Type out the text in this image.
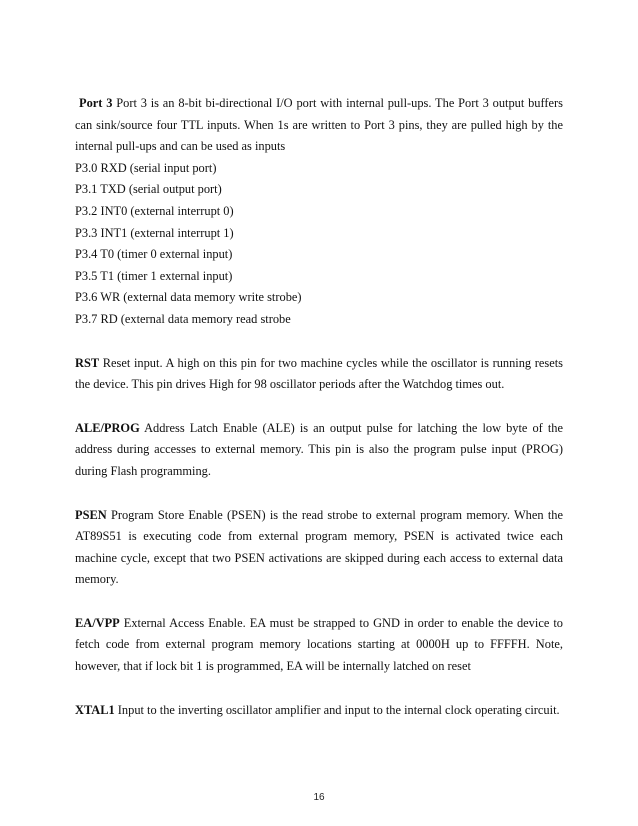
Port 3 Port 3 is an 8-bit bi-directional I/O port with internal pull-ups. The Port 3 output buffers can sink/source four TTL inputs. When 1s are written to Port 3 pins, they are pulled high by the internal pull-ups and can be used as inputs

P3.0 RXD (serial input port)

P3.1 TXD (serial output port)

P3.2 INT0 (external interrupt 0)

P3.3 INT1 (external interrupt 1)

P3.4 T0 (timer 0 external input)

P3.5 T1 (timer 1 external input)

P3.6 WR (external data memory write strobe)

P3.7 RD (external data memory read strobe

RST Reset input. A high on this pin for two machine cycles while the oscillator is running resets the device. This pin drives High for 98 oscillator periods after the Watchdog times out.

ALE/PROG Address Latch Enable (ALE) is an output pulse for latching the low byte of the address during accesses to external memory. This pin is also the program pulse input (PROG) during Flash programming.

PSEN Program Store Enable (PSEN) is the read strobe to external program memory. When the AT89S51 is executing code from external program memory, PSEN is activated twice each machine cycle, except that two PSEN activations are skipped during each access to external data memory.

EA/VPP External Access Enable. EA must be strapped to GND in order to enable the device to fetch code from external program memory locations starting at 0000H up to FFFFH. Note, however, that if lock bit 1 is programmed, EA will be internally latched on reset

XTAL1 Input to the inverting oscillator amplifier and input to the internal clock operating circuit.

16
